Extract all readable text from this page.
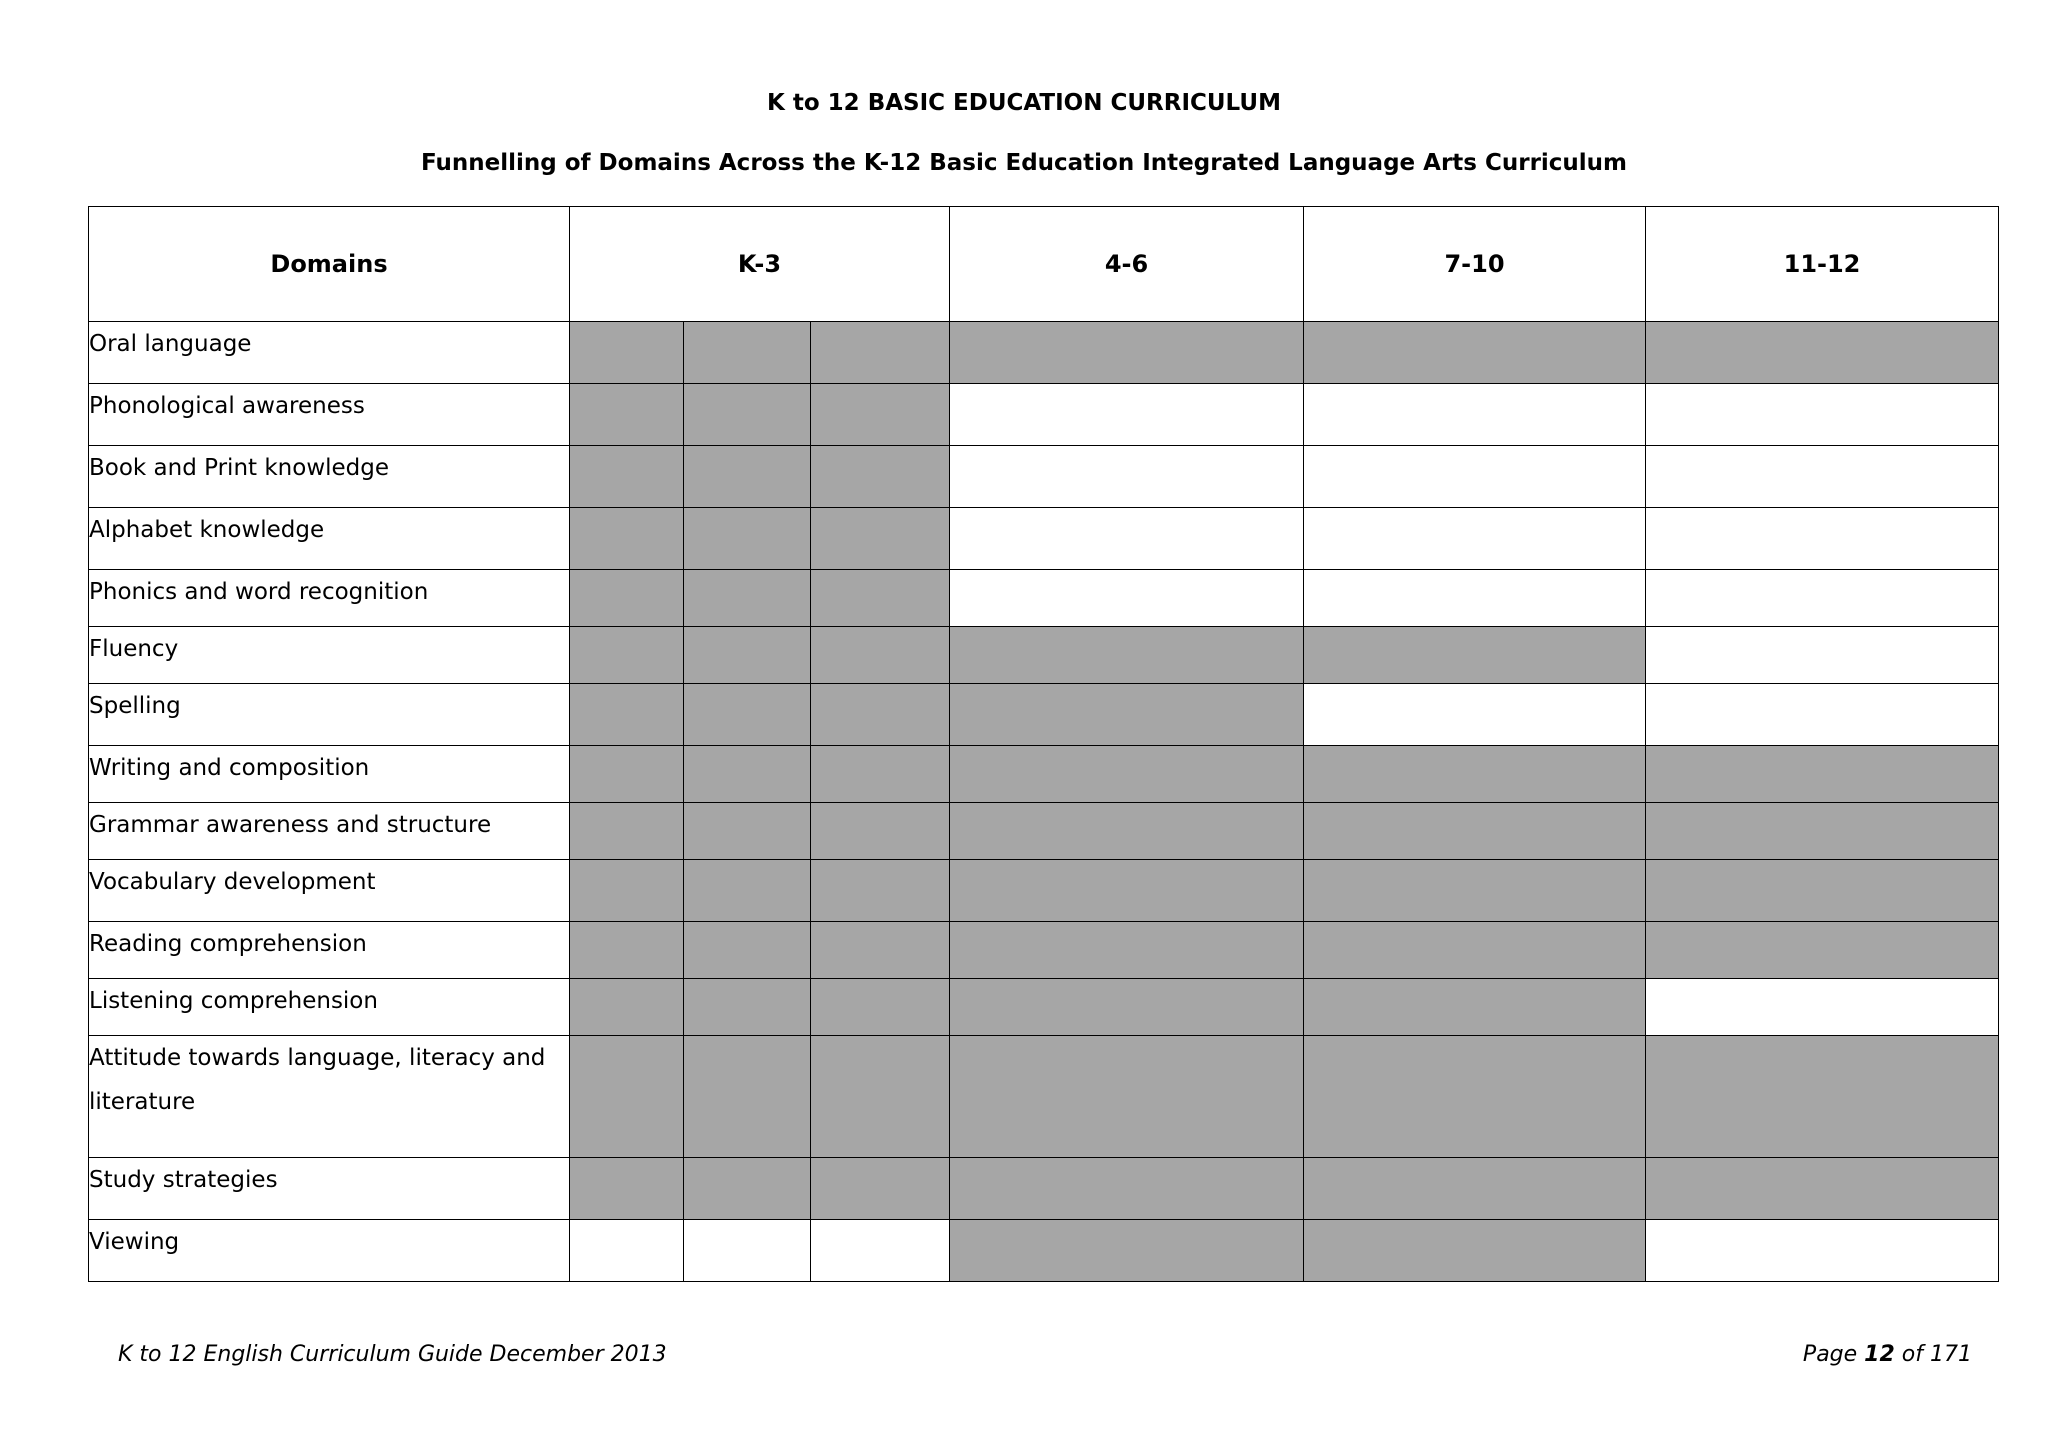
K to 12 BASIC EDUCATION CURRICULUM
Funnelling of Domains Across the K-12 Basic Education Integrated Language Arts Curriculum
Domains	K-3			4-6	7-10	11-12
Oral language						
Phonological awareness						
Book and Print knowledge						
Alphabet knowledge						
Phonics and word recognition						
Fluency						
Spelling						
Writing and composition						
Grammar awareness and structure						
Vocabulary development						
Reading comprehension						
Listening comprehension						
Attitude towards language, literacy and literature						
Study strategies						
Viewing						
K to 12 English Curriculum Guide December 2013	Page 12 of 171
